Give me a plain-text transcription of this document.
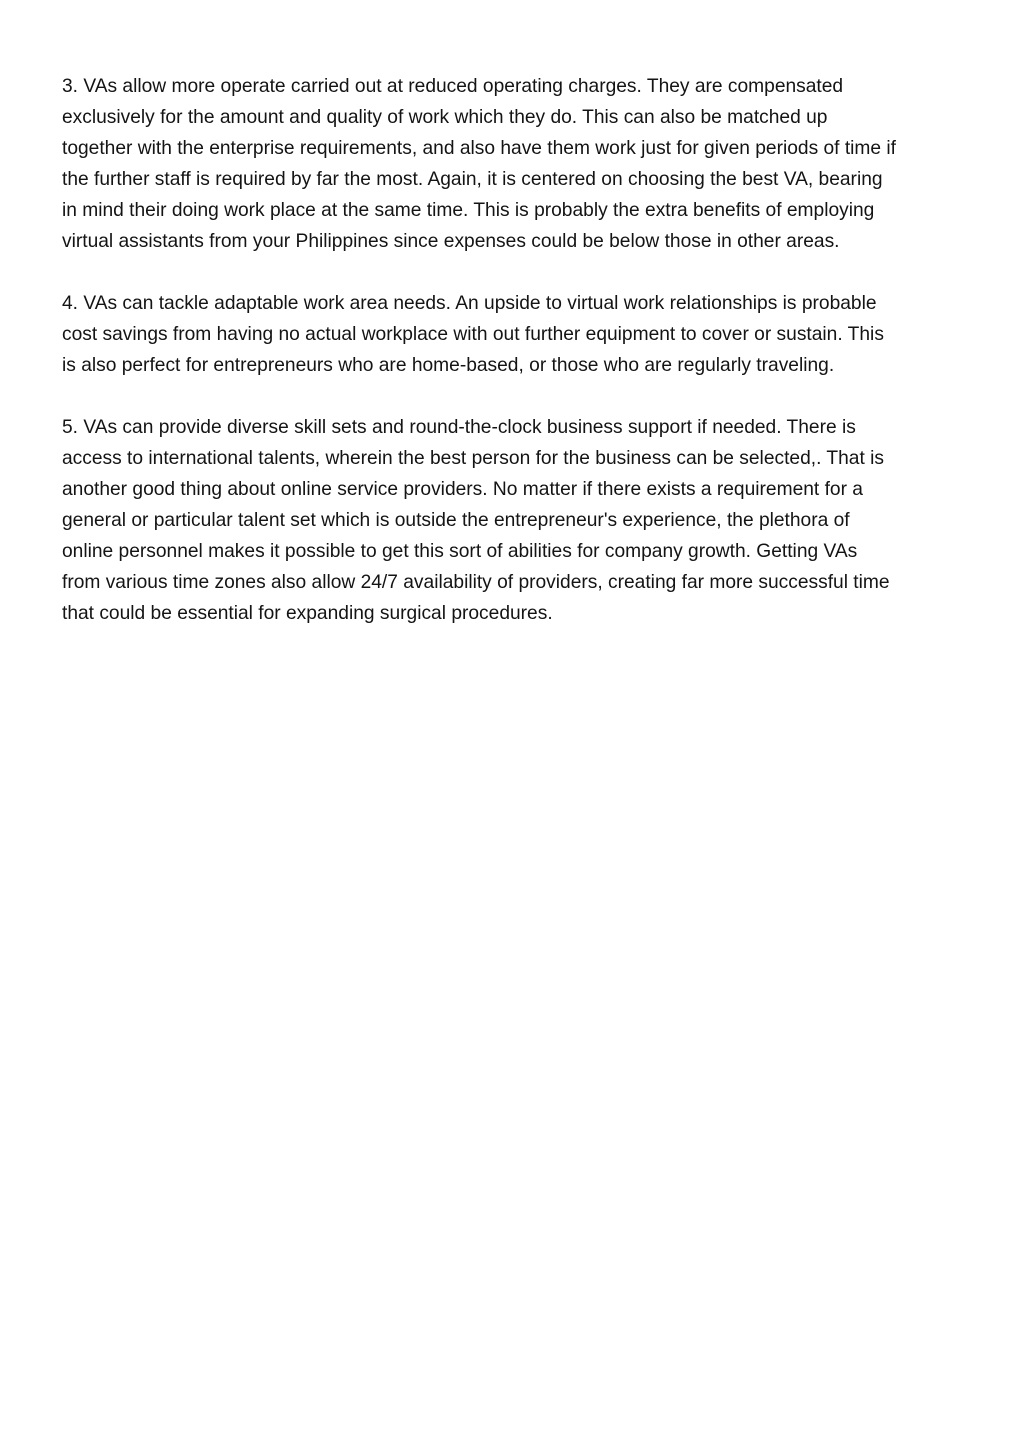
3. VAs allow more operate carried out at reduced operating charges. They are compensated
exclusively for the amount and quality of work which they do. This can also be matched up
together with the enterprise requirements, and also have them work just for given periods of time if
the further staff is required by far the most. Again, it is centered on choosing the best VA, bearing
in mind their doing work place at the same time. This is probably the extra benefits of employing
virtual assistants from your Philippines since expenses could be below those in other areas.

4. VAs can tackle adaptable work area needs. An upside to virtual work relationships is probable
cost savings from having no actual workplace with out further equipment to cover or sustain. This
is also perfect for entrepreneurs who are home-based, or those who are regularly traveling.

5. VAs can provide diverse skill sets and round-the-clock business support if needed. There is
access to international talents, wherein the best person for the business can be selected,. That is
another good thing about online service providers. No matter if there exists a requirement for a
general or particular talent set which is outside the entrepreneur's experience, the plethora of
online personnel makes it possible to get this sort of abilities for company growth. Getting VAs
from various time zones also allow 24/7 availability of providers, creating far more successful time
that could be essential for expanding surgical procedures.
